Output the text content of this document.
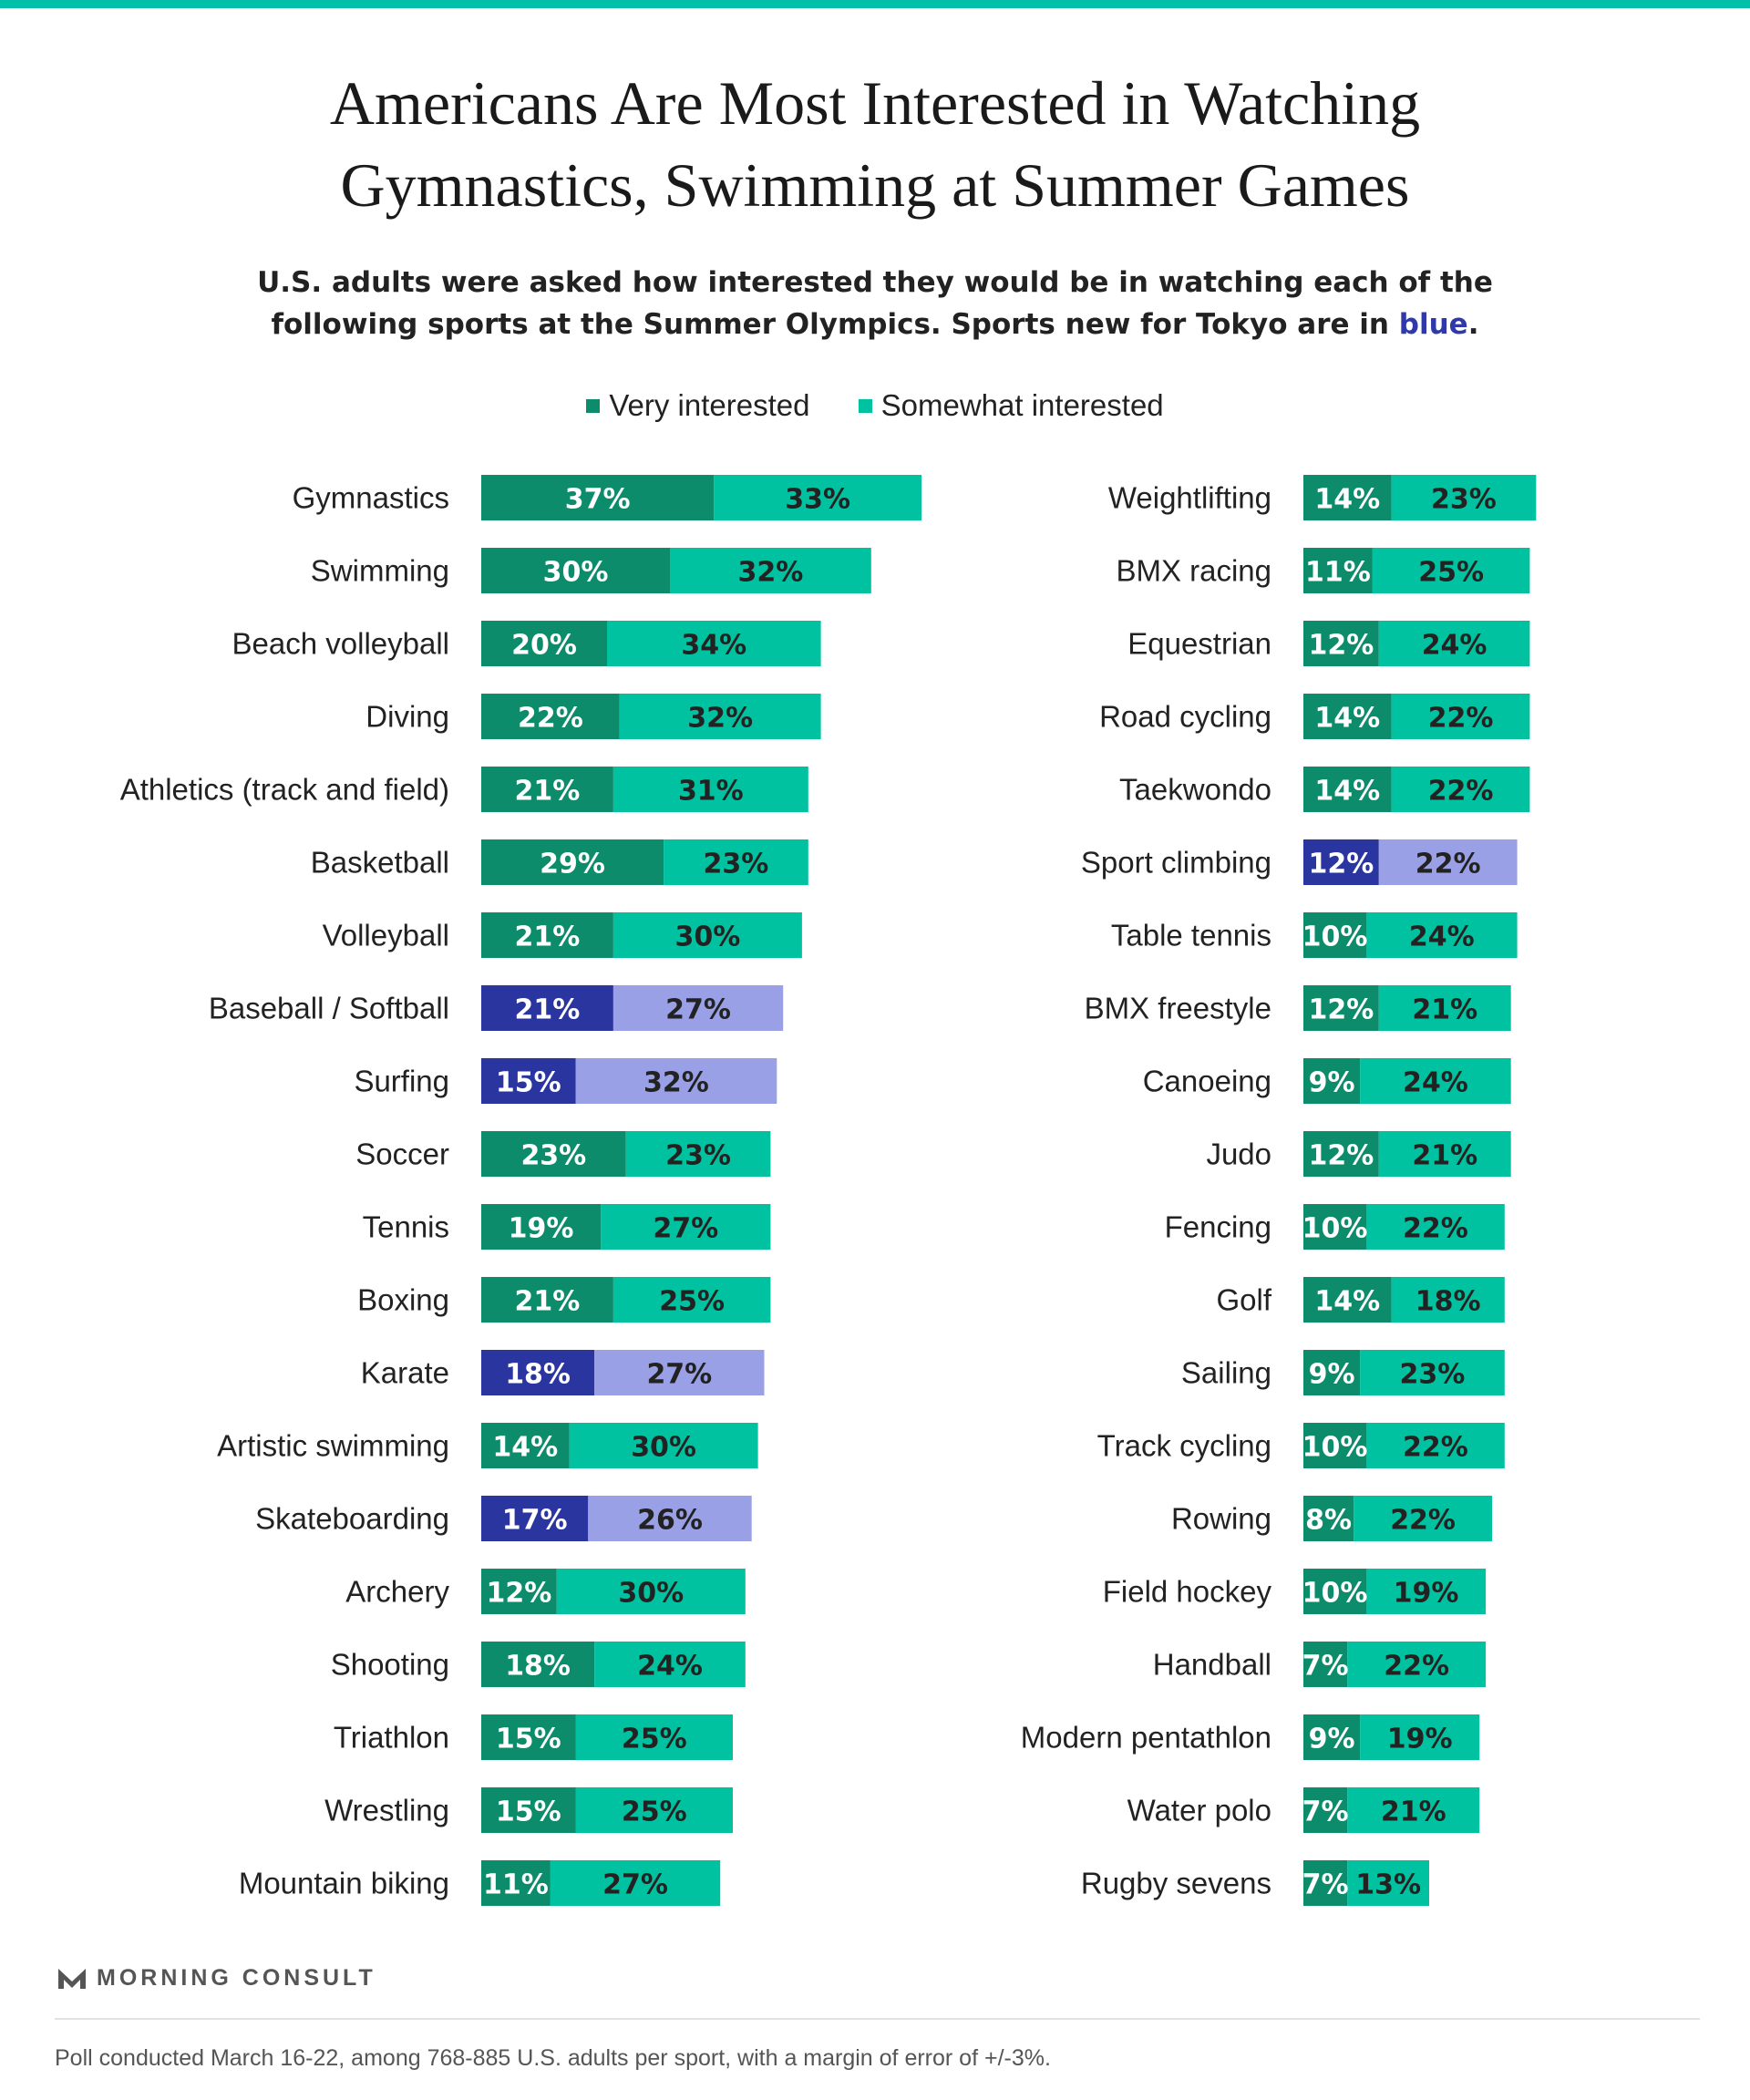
Americans Are Most Interested in Watching
Gymnastics, Swimming at Summer Games
U.S. adults were asked how interested they would be in watching each of the
following sports at the Summer Olympics. Sports new for Tokyo are in blue.
Very interested Somewhat interested
Gymnastics	37%	33%
Swimming	30%	32%
Beach volleyball 20%	34%
Diving 22%	32%
Athletics (track and field) 21%	31%
Basketball	29%	23%
Volleyball 21%	30%
Baseball / Softball 21%	27%
Surfing 15%	32%
Soccer	23%	23%
Tennis 19%	27%
Boxing 21%	25%
Karate 18%	27%
Artistic swimming 14%	30%
Skateboarding 17%	26%
Archery 12% 30%
Shooting 18% 24%
Triathlon 15% 25%
Wrestling 15% 25%
Mountain biking 11% 27%
Weightlifting 14% 23%
BMX racing 11% 25%
Equestrian 12% 24%
Road cycling 14% 22%
Taekwondo 14% 22%
Sport climbing 12% 22%
Table tennis 10% 24%
BMX freestyle 12% 21%
Canoeing 9% 24%
Judo 12% 21%
Fencing 10% 22%
Golf 14% 18%
Sailing 9% 23%
Track cycling 10% 22%
Rowing 8% 22%
Field hockey 10% 19%
Handball 7% 22%
Modern pentathlon 9% 19%
Water polo 7% 21%
Rugby sevens 7% 13%
MORNING CONSULT
Poll conducted March 16-22, among 768-885 U.S. adults per sport, with a margin of error of +/-3%.
